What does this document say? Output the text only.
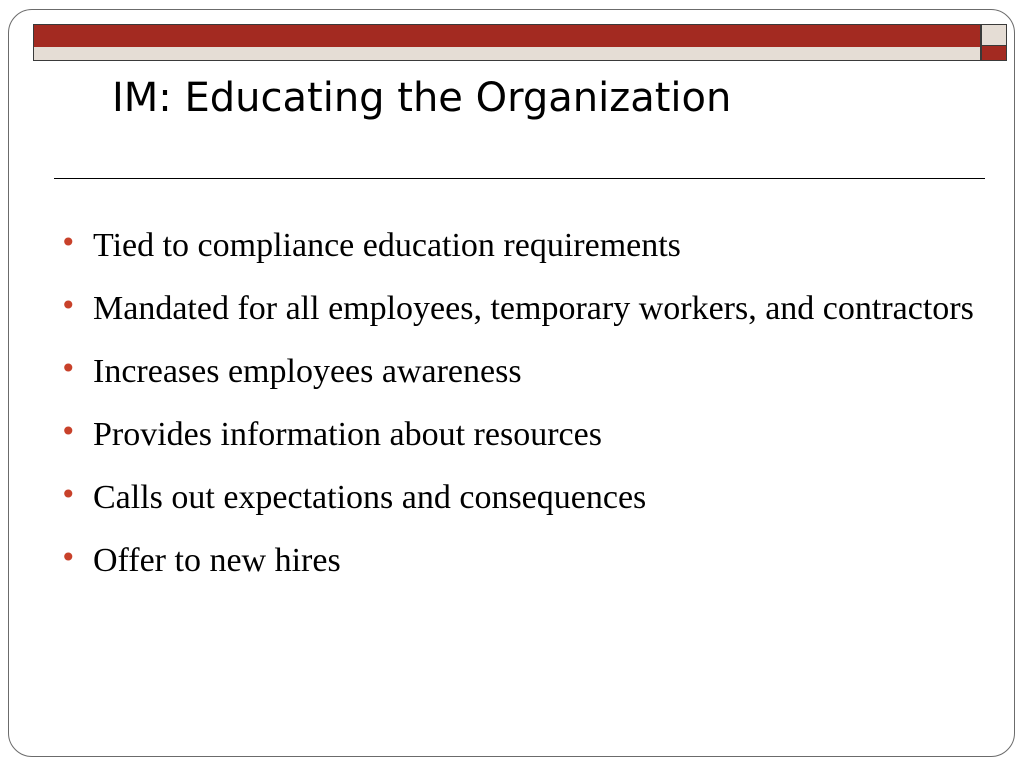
IM: Educating the Organization
• Tied to compliance education requirements
• Mandated for all employees, temporary workers, and contractors
• Increases employees awareness
• Provides information about resources
• Calls out expectations and consequences
• Offer to new hires
